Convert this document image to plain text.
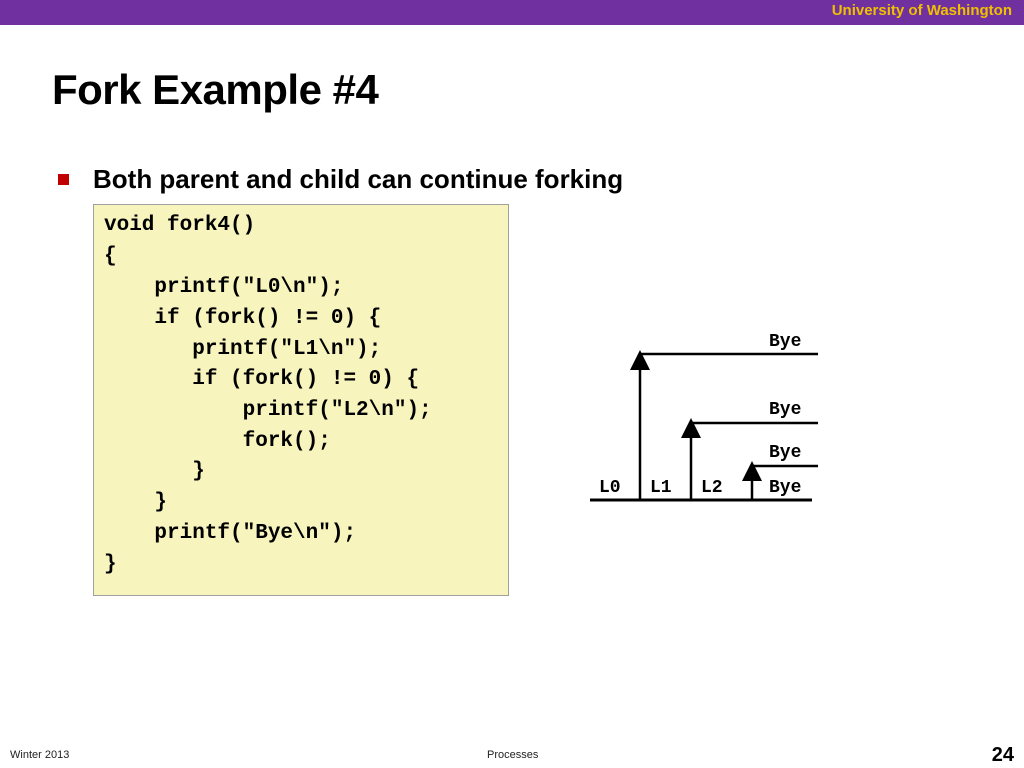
University of Washington
Fork Example #4
Both parent and child can continue forking
void fork4()
{
printf("L0\n");
if (fork() != 0) {
printf("L1\n");
if (fork() != 0) {
printf("L2\n");
fork();
}
}
printf("Bye\n");
}
L0 L1 L2
Bye
Bye
Bye
Bye
Winter 2013	Processes	24
